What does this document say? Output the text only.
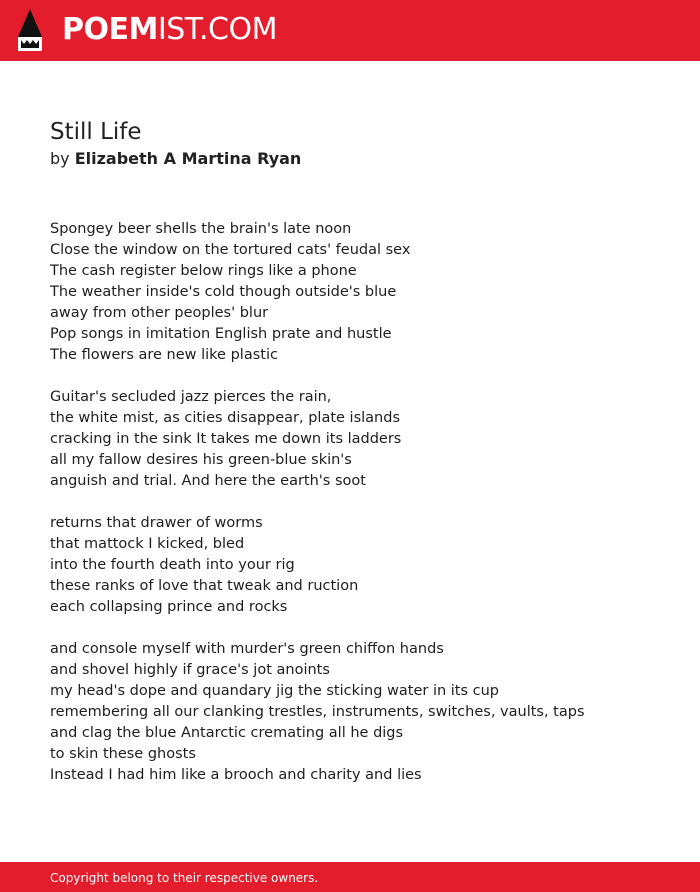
POEMIST.COM
Still Life
by Elizabeth A Martina Ryan
Spongey beer shells the brain's late noon
Close the window on the tortured cats' feudal sex
The cash register below rings like a phone
The weather inside's cold though outside's blue
away from other peoples' blur
Pop songs in imitation English prate and hustle
The flowers are new like plastic
Guitar's secluded jazz pierces the rain,
the white mist, as cities disappear, plate islands
cracking in the sink It takes me down its ladders
all my fallow desires his green-blue skin's
anguish and trial. And here the earth's soot
returns that drawer of worms
that mattock I kicked, bled
into the fourth death into your rig
these ranks of love that tweak and ruction
each collapsing prince and rocks
and console myself with murder's green chiffon hands
and shovel highly if grace's jot anoints
my head's dope and quandary jig the sticking water in its cup
remembering all our clanking trestles, instruments, switches, vaults, taps
and clag the blue Antarctic cremating all he digs
to skin these ghosts
Instead I had him like a brooch and charity and lies
Copyright belong to their respective owners.
